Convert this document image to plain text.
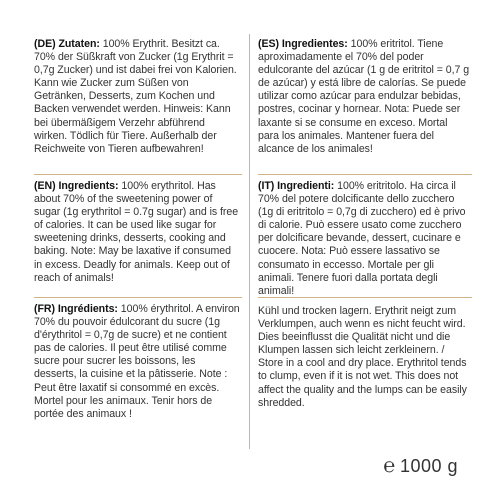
(DE) Zutaten: 100% Erythrit. Besitzt ca. 70% der Süßkraft von Zucker (1g Erythrit = 0,7g Zucker) und ist dabei frei von Kalorien. Kann wie Zucker zum Süßen von Getränken, Desserts, zum Kochen und Backen verwendet werden. Hinweis: Kann bei übermäßigem Verzehr abführend wirken. Tödlich für Tiere. Außerhalb der Reichweite von Tieren aufbewahren!
(ES) Ingredientes: 100% eritritol. Tiene aproximadamente el 70% del poder edulcorante del azúcar (1 g de eritritol = 0,7 g de azúcar) y está libre de calorías. Se puede utilizar como azúcar para endulzar bebidas, postres, cocinar y hornear. Nota: Puede ser laxante si se consume en exceso. Mortal para los animales. Mantener fuera del alcance de los animales!
(EN) Ingredients: 100% erythritol. Has about 70% of the sweetening power of sugar (1g erythritol = 0.7g sugar) and is free of calories. It can be used like sugar for sweetening drinks, desserts, cooking and baking. Note: May be laxative if consumed in excess. Deadly for animals. Keep out of reach of animals!
(IT) Ingredienti: 100% eritritolo. Ha circa il 70% del potere dolcificante dello zucchero (1g di eritritolo = 0,7g di zucchero) ed è privo di calorie. Può essere usato come zucchero per dolcificare bevande, dessert, cucinare e cuocere. Nota: Può essere lassativo se consumato in eccesso. Mortale per gli animali. Tenere fuori dalla portata degli animali!
(FR) Ingrédients: 100% érythritol. A environ 70% du pouvoir édulcorant du sucre (1g d'érythritol = 0,7g de sucre) et ne contient pas de calories. Il peut être utilisé comme sucre pour sucrer les boissons, les desserts, la cuisine et la pâtisserie. Note : Peut être laxatif si consommé en excès. Mortel pour les animaux. Tenir hors de portée des animaux !
Kühl und trocken lagern. Erythrit neigt zum Verklumpen, auch wenn es nicht feucht wird. Dies beeinflusst die Qualität nicht und die Klumpen lassen sich leicht zerkleinern. / Store in a cool and dry place. Erythritol tends to clump, even if it is not wet. This does not affect the quality and the lumps can be easily shredded.
℮ 1000 g
